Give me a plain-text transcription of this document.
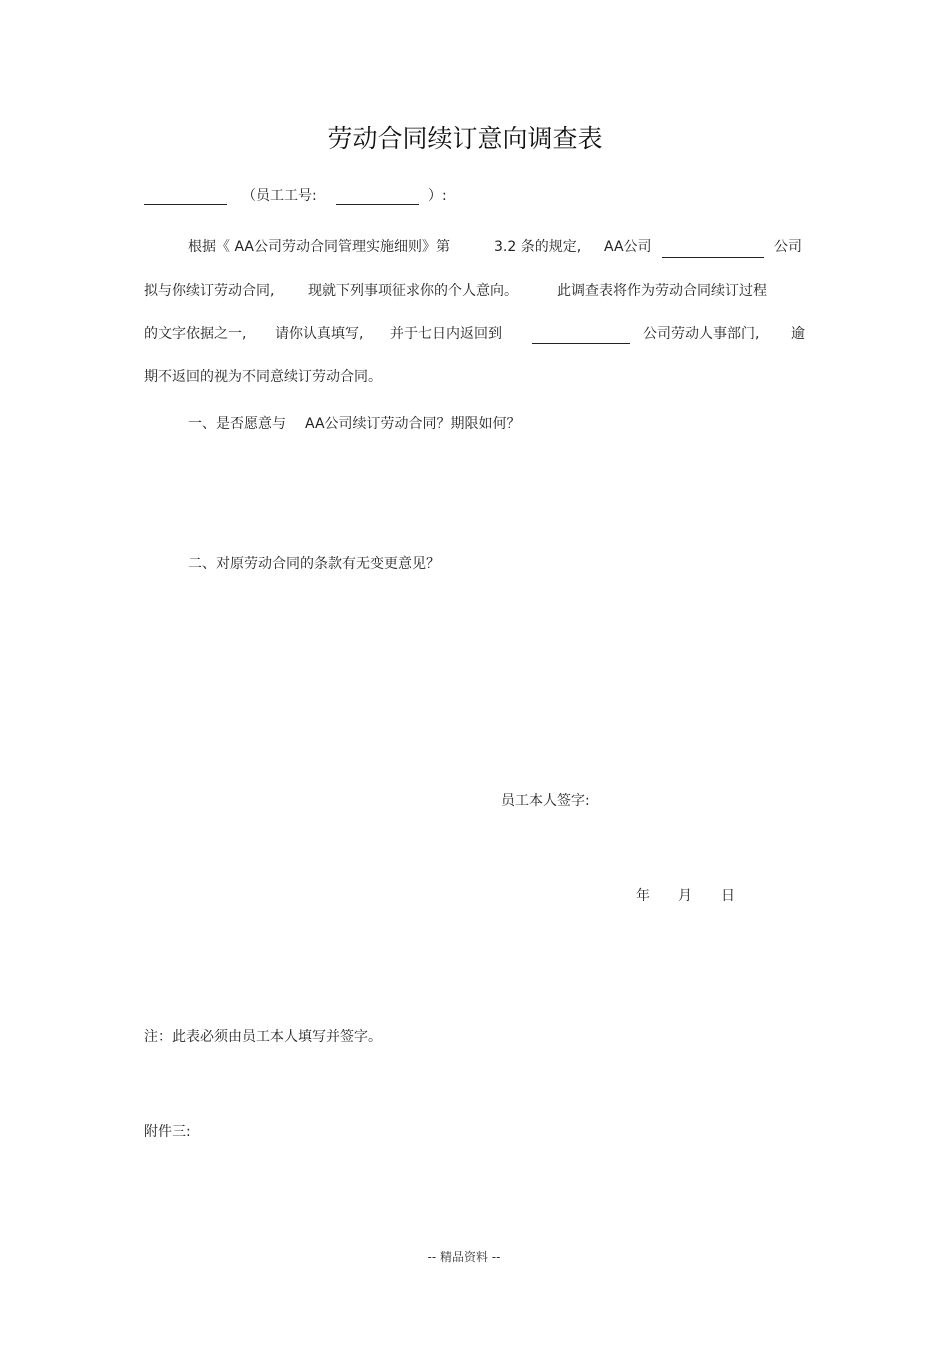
劳动合同续订意向调查表
（员工工号:	）:
根据《 AA公司劳动合同管理实施细则》第	3.2 条的规定, AA公司	公司
拟与你续订劳动合同, 现就下列事项征求你的个人意向。	此调查表将作为劳动合同续订过程
的文字依据之一, 请你认真填写, 并于七日内返回到	公司劳动人事部门, 逾
期不返回的视为不同意续订劳动合同。
一、是否愿意与 AA公司续订劳动合同？期限如何？
二、对原劳动合同的条款有无变更意见？
员工本人签字:
年 月 日
注：此表必须由员工本人填写并签字。
附件三:
-- 精品资料 --
